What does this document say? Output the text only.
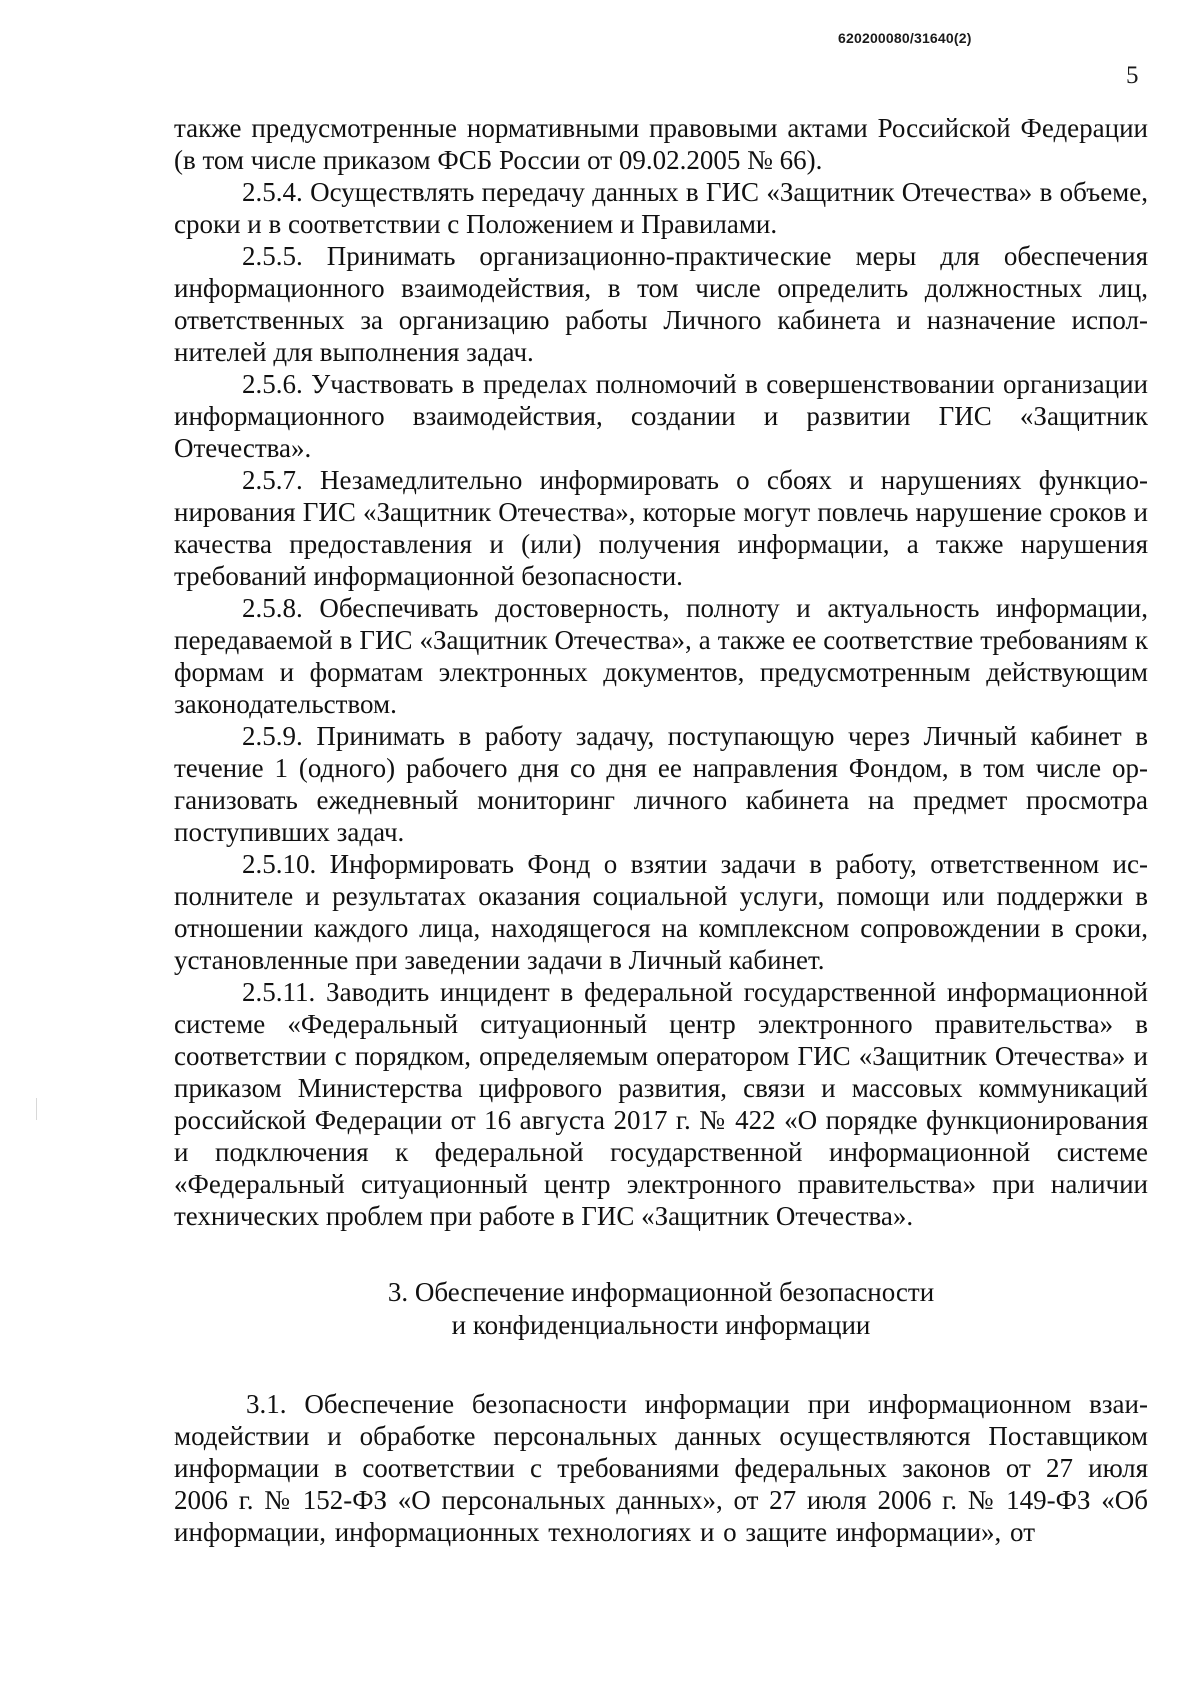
620200080/31640(2)
5

также предусмотренные нормативными правовыми актами Российской Федерации (в том числе приказом ФСБ России от 09.02.2005 № 66).

2.5.4. Осуществлять передачу данных в ГИС «Защитник Отечества» в объеме, сроки и в соответствии с Положением и Правилами.

2.5.5. Принимать организационно-практические меры для обеспечения информационного взаимодействия, в том числе определить должностных лиц, ответственных за организацию работы Личного кабинета и назначение исполнителей для выполнения задач.

2.5.6. Участвовать в пределах полномочий в совершенствовании организации информационного взаимодействия, создании и развитии ГИС «Защитник Отечества».

2.5.7. Незамедлительно информировать о сбоях и нарушениях функционирования ГИС «Защитник Отечества», которые могут повлечь нарушение сроков и качества предоставления и (или) получения информации, а также нарушения требований информационной безопасности.

2.5.8. Обеспечивать достоверность, полноту и актуальность информации, передаваемой в ГИС «Защитник Отечества», а также ее соответствие требованиям к формам и форматам электронных документов, предусмотренным действующим законодательством.

2.5.9. Принимать в работу задачу, поступающую через Личный кабинет в течение 1 (одного) рабочего дня со дня ее направления Фондом, в том числе организовать ежедневный мониторинг личного кабинета на предмет просмотра поступивших задач.

2.5.10. Информировать Фонд о взятии задачи в работу, ответственном исполнителе и результатах оказания социальной услуги, помощи или поддержки в отношении каждого лица, находящегося на комплексном сопровождении в сроки, установленные при заведении задачи в Личный кабинет.

2.5.11. Заводить инцидент в федеральной государственной информационной системе «Федеральный ситуационный центр электронного правительства» в соответствии с порядком, определяемым оператором ГИС «Защитник Отечества» и приказом Министерства цифрового развития, связи и массовых коммуникаций российской Федерации от 16 августа 2017 г. № 422 «О порядке функционирования и подключения к федеральной государственной информационной системе «Федеральный ситуационный центр электронного правительства» при наличии технических проблем при работе в ГИС «Защитник Отечества».

3. Обеспечение информационной безопасности
и конфиденциальности информации

3.1. Обеспечение безопасности информации при информационном взаимодействии и обработке персональных данных осуществляются Поставщиком информации в соответствии с требованиями федеральных законов от 27 июля 2006 г. № 152-ФЗ «О персональных данных», от 27 июля 2006 г. № 149-ФЗ «Об информации, информационных технологиях и о защите информации», от
